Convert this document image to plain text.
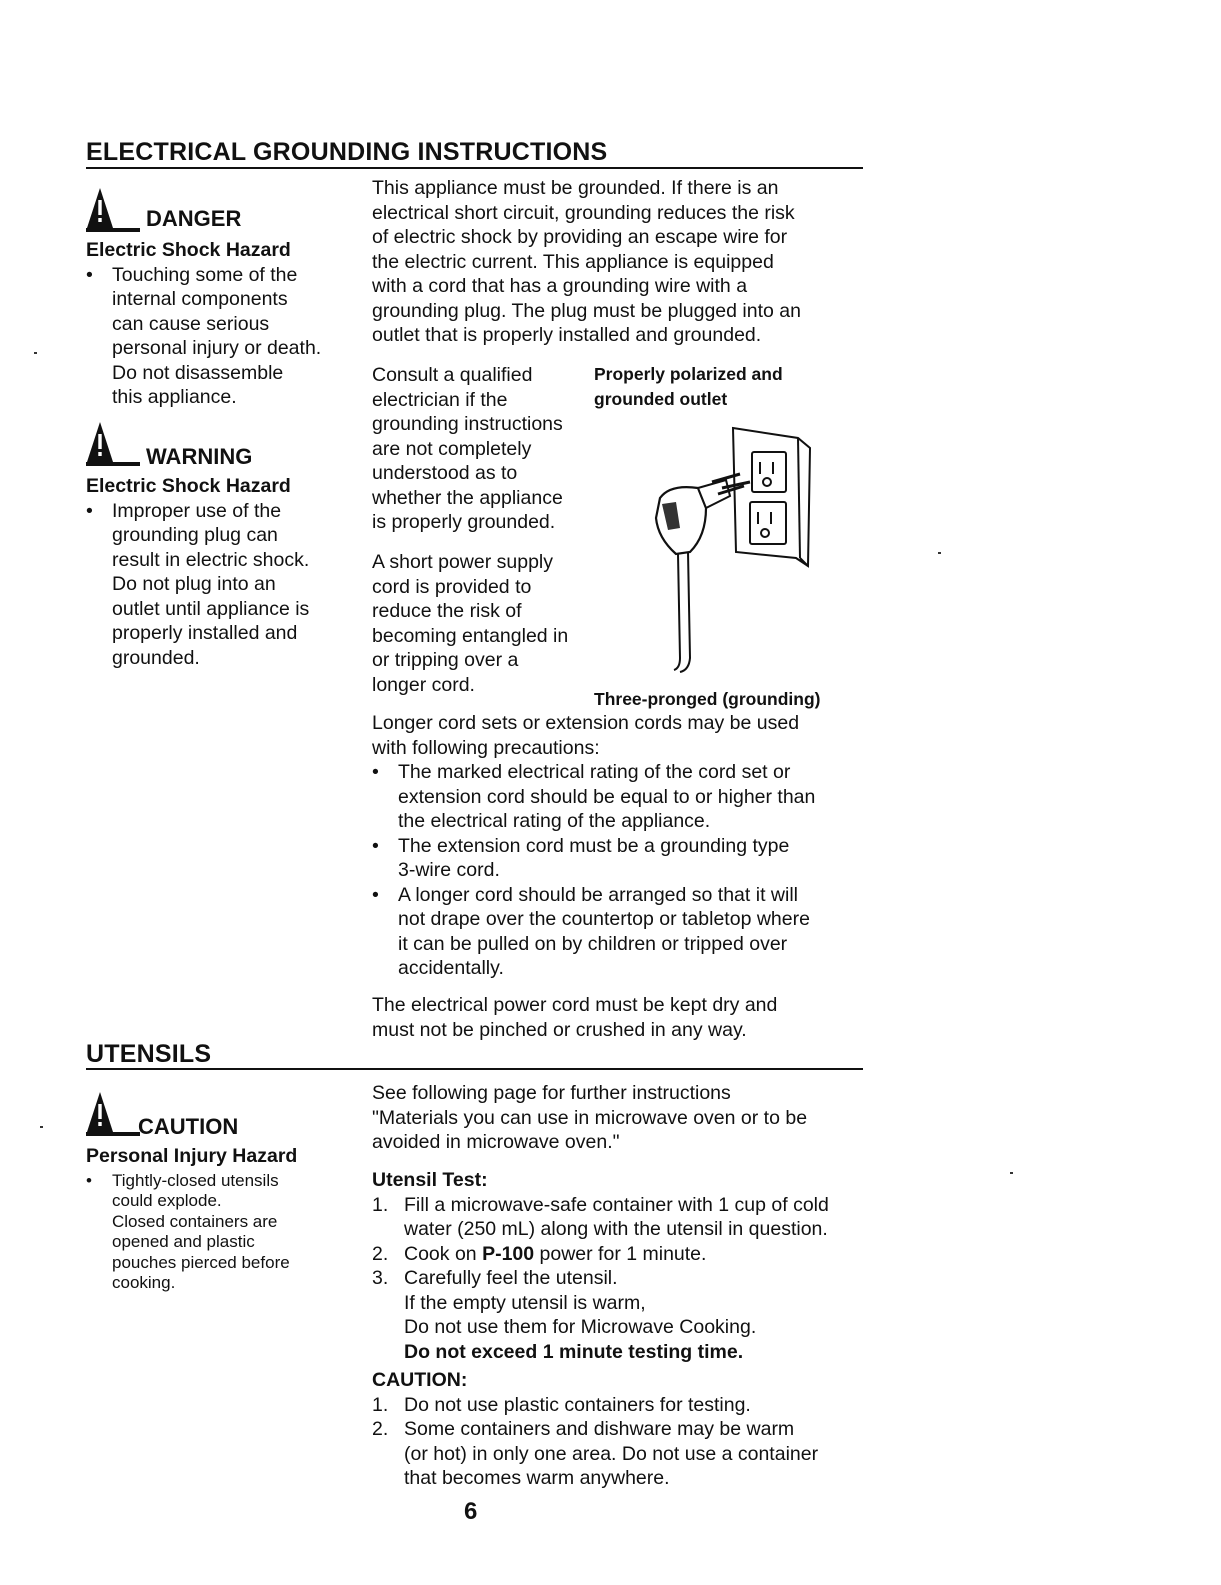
ELECTRICAL GROUNDING INSTRUCTIONS
DANGER
Electric Shock Hazard
• Touching some of the
internal components
can cause serious
personal injury or death.
Do not disassemble
this appliance.
WARNING
Electric Shock Hazard
• Improper use of the
grounding plug can
result in electric shock.
Do not plug into an
outlet until appliance is
properly installed and
grounded.
This appliance must be grounded. If there is an
electrical short circuit, grounding reduces the risk
of electric shock by providing an escape wire for
the electric current. This appliance is equipped
with a cord that has a grounding wire with a
grounding plug. The plug must be plugged into an
outlet that is properly installed and grounded.
Consult a qualified
electrician if the
grounding instructions
are not completely
understood as to
whether the appliance
is properly grounded.
A short power supply
cord is provided to
reduce the risk of
becoming entangled in
or tripping over a
longer cord.
Properly polarized and
grounded outlet
Three-pronged (grounding)
Longer cord sets or extension cords may be used
with following precautions:
• The marked electrical rating of the cord set or
extension cord should be equal to or higher than
the electrical rating of the appliance.
• The extension cord must be a grounding type
3-wire cord.
• A longer cord should be arranged so that it will
not drape over the countertop or tabletop where
it can be pulled on by children or tripped over
accidentally.
The electrical power cord must be kept dry and
must not be pinched or crushed in any way.
UTENSILS
CAUTION
Personal Injury Hazard
• Tightly-closed utensils
could explode.
Closed containers are
opened and plastic
pouches pierced before
cooking.
See following page for further instructions
"Materials you can use in microwave oven or to be
avoided in microwave oven."
Utensil Test:
1. Fill a microwave-safe container with 1 cup of cold
water (250 mL) along with the utensil in question.
2. Cook on P-100 power for 1 minute.
3. Carefully feel the utensil.
If the empty utensil is warm,
Do not use them for Microwave Cooking.
Do not exceed 1 minute testing time.
CAUTION:
1. Do not use plastic containers for testing.
2. Some containers and dishware may be warm
(or hot) in only one area. Do not use a container
that becomes warm anywhere.
6
